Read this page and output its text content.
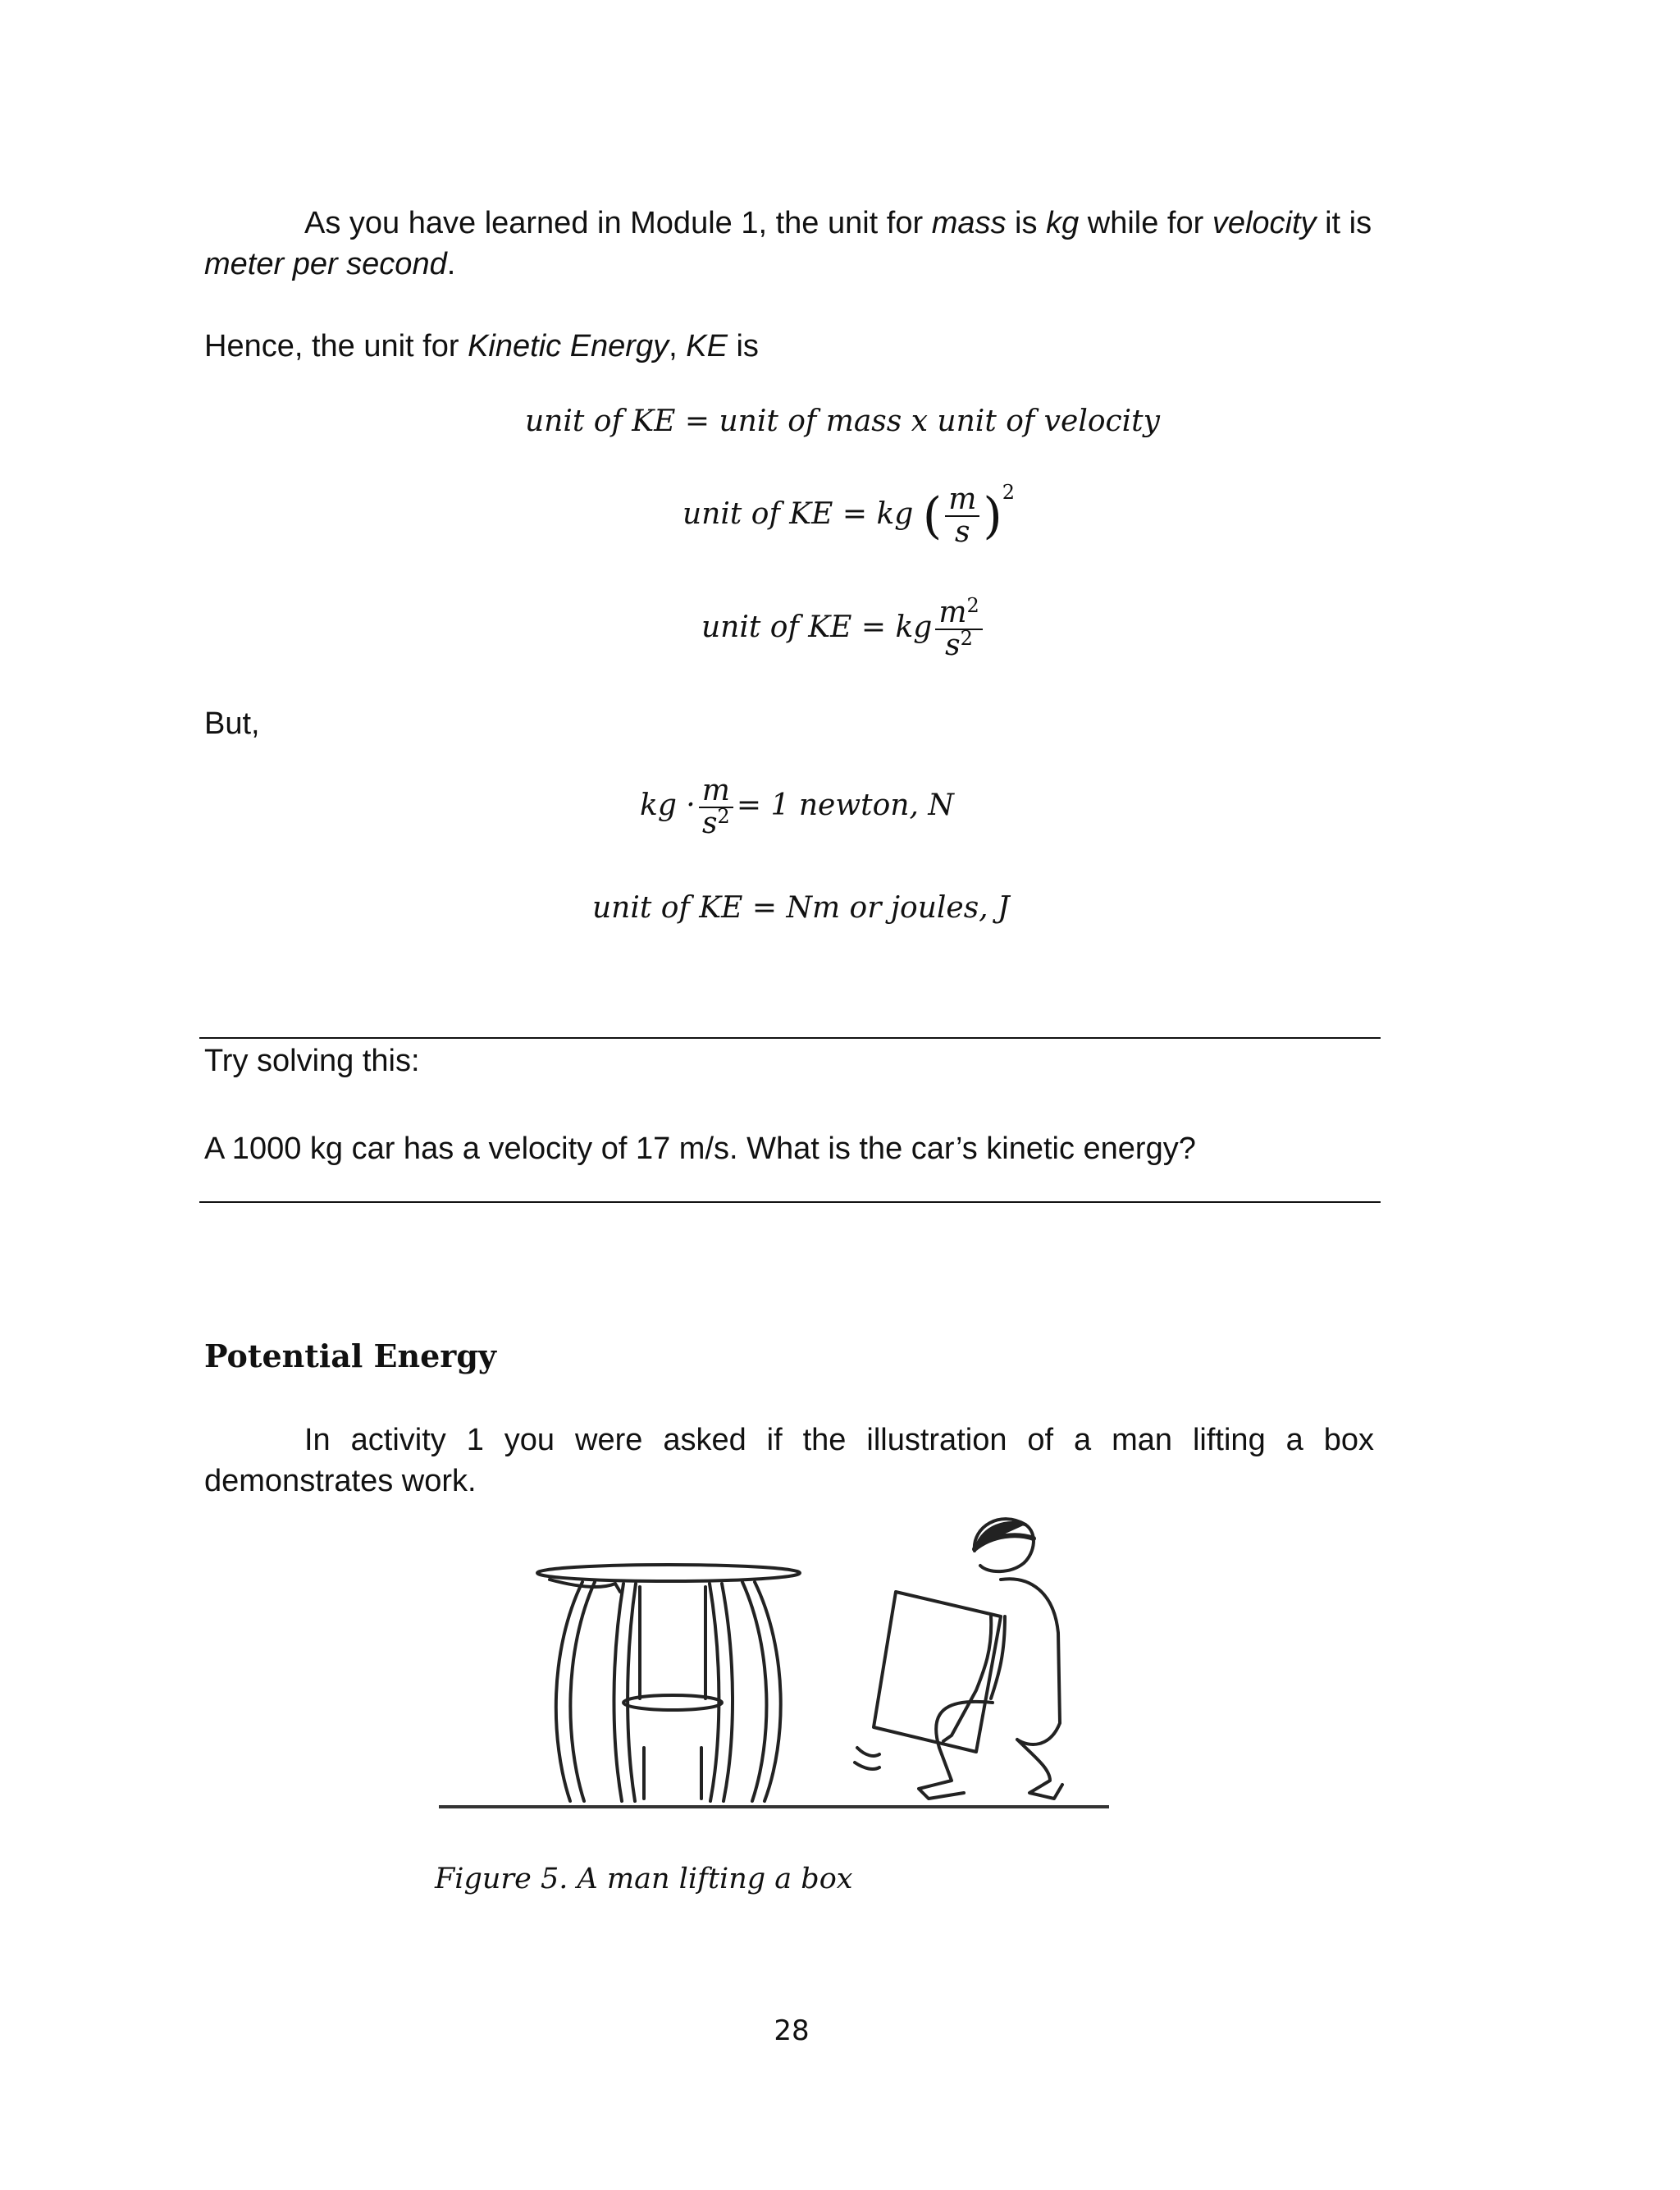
As you have learned in Module 1, the unit for mass is kg while for velocity it is meter per second.

Hence, the unit for Kinetic Energy, KE is

unit of KE = unit of mass x unit of velocity
unit of KE = kg ( $\frac{m}{s} )^2$
unit of KE = kg $\frac{m^2}{s^2}$

But,

kg · $\frac{m}{s^2} = 1$ newton, N
unit of KE = Nm or joules, J

Try solving this:

A 1000 kg car has a velocity of 17 m/s. What is the car’s kinetic energy?

Potential Energy

In activity 1 you were asked if the illustration of a man lifting a box demonstrates work.

Figure 5. A man lifting a box
28
